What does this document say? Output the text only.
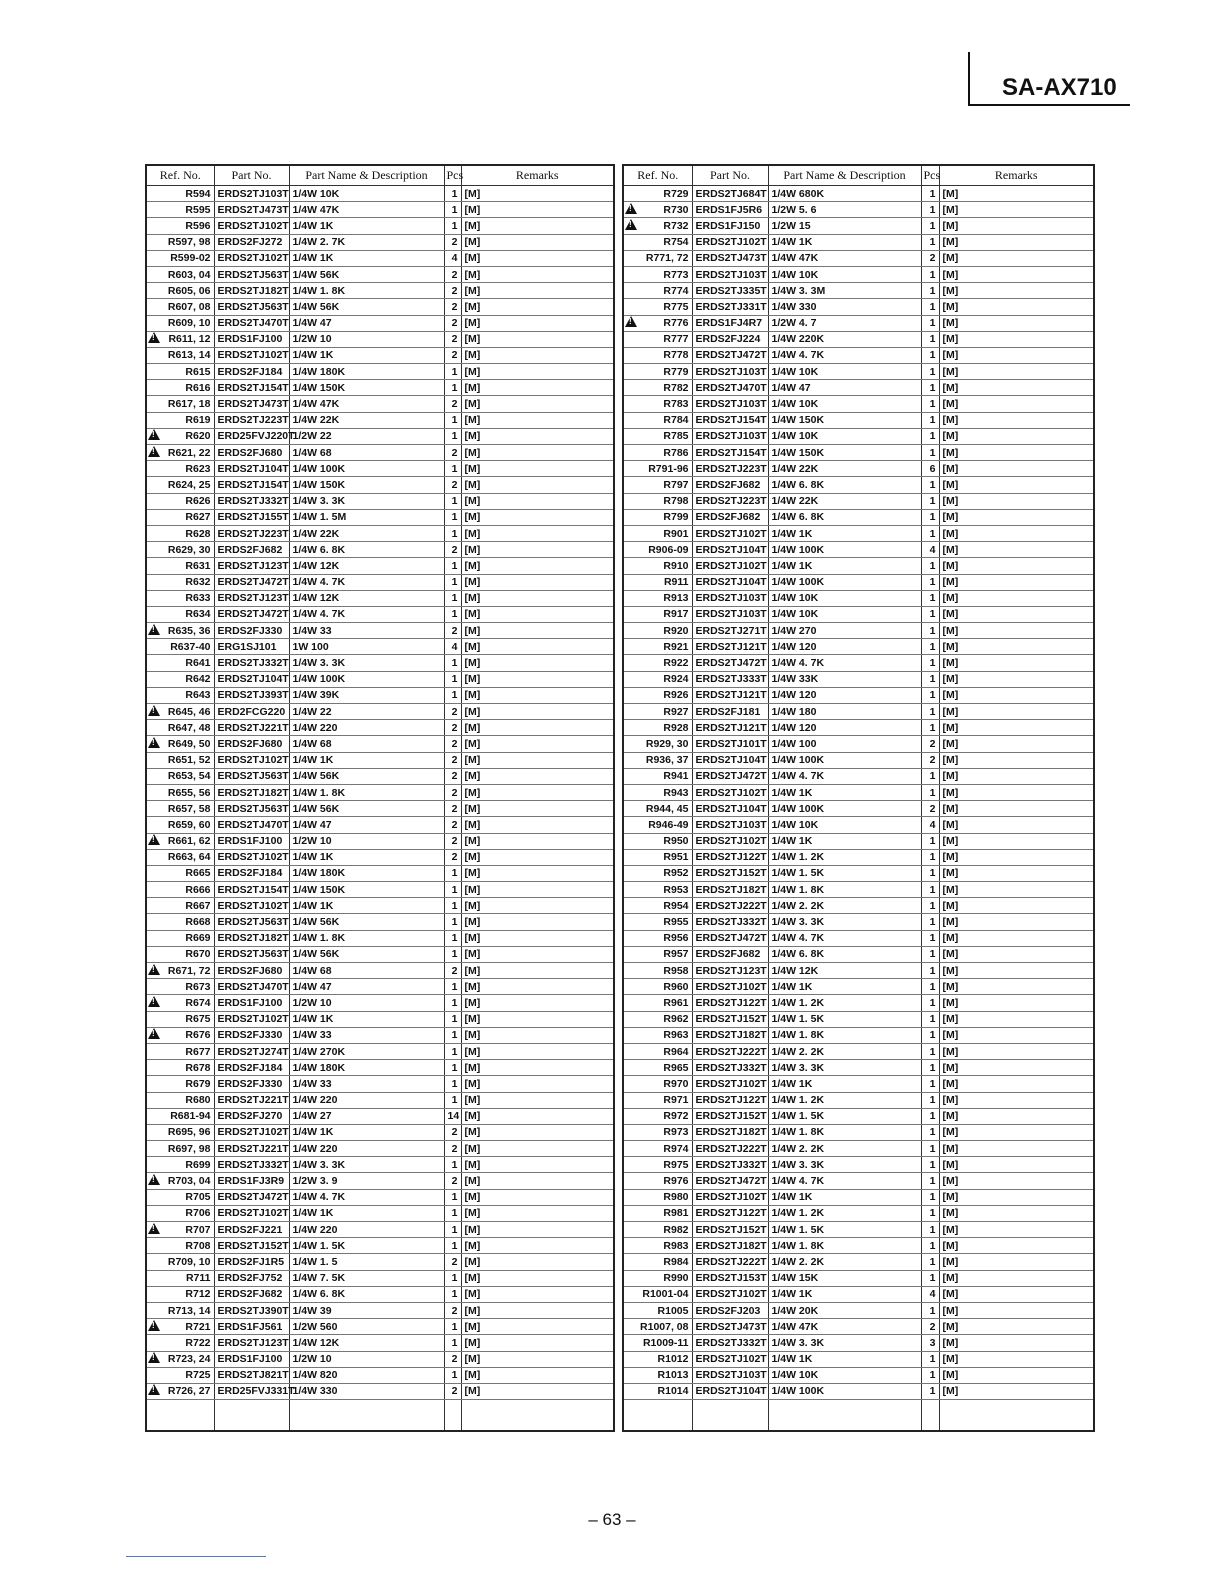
SA-AX710
Ref. No.	Part No.	Part Name & Description	Pcs	Remarks
R594	ERDS2TJ103T	1/4W 10K	1	[M]
R595	ERDS2TJ473T	1/4W 47K	1	[M]
R596	ERDS2TJ102T	1/4W 1K	1	[M]
R597, 98	ERDS2FJ272	1/4W 2. 7K	2	[M]
R599-02	ERDS2TJ102T	1/4W 1K	4	[M]
R603, 04	ERDS2TJ563T	1/4W 56K	2	[M]
R605, 06	ERDS2TJ182T	1/4W 1. 8K	2	[M]
R607, 08	ERDS2TJ563T	1/4W 56K	2	[M]
R609, 10	ERDS2TJ470T	1/4W 47	2	[M]

!
R611, 12	ERDS1FJ100	1/2W 10	2	[M]
R613, 14	ERDS2TJ102T	1/4W 1K	2	[M]
R615	ERDS2FJ184	1/4W 180K	1	[M]
R616	ERDS2TJ154T	1/4W 150K	1	[M]
R617, 18	ERDS2TJ473T	1/4W 47K	2	[M]
R619	ERDS2TJ223T	1/4W 22K	1	[M]

!
R620	ERD25FVJ220T	1/2W 22	1	[M]

!
R621, 22	ERDS2FJ680	1/4W 68	2	[M]
R623	ERDS2TJ104T	1/4W 100K	1	[M]
R624, 25	ERDS2TJ154T	1/4W 150K	2	[M]
R626	ERDS2TJ332T	1/4W 3. 3K	1	[M]
R627	ERDS2TJ155T	1/4W 1. 5M	1	[M]
R628	ERDS2TJ223T	1/4W 22K	1	[M]
R629, 30	ERDS2FJ682	1/4W 6. 8K	2	[M]
R631	ERDS2TJ123T	1/4W 12K	1	[M]
R632	ERDS2TJ472T	1/4W 4. 7K	1	[M]
R633	ERDS2TJ123T	1/4W 12K	1	[M]
R634	ERDS2TJ472T	1/4W 4. 7K	1	[M]

!
R635, 36	ERDS2FJ330	1/4W 33	2	[M]
R637-40	ERG1SJ101	1W 100	4	[M]
R641	ERDS2TJ332T	1/4W 3. 3K	1	[M]
R642	ERDS2TJ104T	1/4W 100K	1	[M]
R643	ERDS2TJ393T	1/4W 39K	1	[M]

!
R645, 46	ERD2FCG220	1/4W 22	2	[M]
R647, 48	ERDS2TJ221T	1/4W 220	2	[M]

!
R649, 50	ERDS2FJ680	1/4W 68	2	[M]
R651, 52	ERDS2TJ102T	1/4W 1K	2	[M]
R653, 54	ERDS2TJ563T	1/4W 56K	2	[M]
R655, 56	ERDS2TJ182T	1/4W 1. 8K	2	[M]
R657, 58	ERDS2TJ563T	1/4W 56K	2	[M]
R659, 60	ERDS2TJ470T	1/4W 47	2	[M]

!
R661, 62	ERDS1FJ100	1/2W 10	2	[M]
R663, 64	ERDS2TJ102T	1/4W 1K	2	[M]
R665	ERDS2FJ184	1/4W 180K	1	[M]
R666	ERDS2TJ154T	1/4W 150K	1	[M]
R667	ERDS2TJ102T	1/4W 1K	1	[M]
R668	ERDS2TJ563T	1/4W 56K	1	[M]
R669	ERDS2TJ182T	1/4W 1. 8K	1	[M]
R670	ERDS2TJ563T	1/4W 56K	1	[M]

!
R671, 72	ERDS2FJ680	1/4W 68	2	[M]
R673	ERDS2TJ470T	1/4W 47	1	[M]

!
R674	ERDS1FJ100	1/2W 10	1	[M]
R675	ERDS2TJ102T	1/4W 1K	1	[M]

!
R676	ERDS2FJ330	1/4W 33	1	[M]
R677	ERDS2TJ274T	1/4W 270K	1	[M]
R678	ERDS2FJ184	1/4W 180K	1	[M]
R679	ERDS2FJ330	1/4W 33	1	[M]
R680	ERDS2TJ221T	1/4W 220	1	[M]
R681-94	ERDS2FJ270	1/4W 27	14	[M]
R695, 96	ERDS2TJ102T	1/4W 1K	2	[M]
R697, 98	ERDS2TJ221T	1/4W 220	2	[M]
R699	ERDS2TJ332T	1/4W 3. 3K	1	[M]

!
R703, 04	ERDS1FJ3R9	1/2W 3. 9	2	[M]
R705	ERDS2TJ472T	1/4W 4. 7K	1	[M]
R706	ERDS2TJ102T	1/4W 1K	1	[M]

!
R707	ERDS2FJ221	1/4W 220	1	[M]
R708	ERDS2TJ152T	1/4W 1. 5K	1	[M]
R709, 10	ERDS2FJ1R5	1/4W 1. 5	2	[M]
R711	ERDS2FJ752	1/4W 7. 5K	1	[M]
R712	ERDS2FJ682	1/4W 6. 8K	1	[M]
R713, 14	ERDS2TJ390T	1/4W 39	2	[M]

!
R721	ERDS1FJ561	1/2W 560	1	[M]
R722	ERDS2TJ123T	1/4W 12K	1	[M]

!
R723, 24	ERDS1FJ100	1/2W 10	2	[M]
R725	ERDS2TJ821T	1/4W 820	1	[M]

!
R726, 27	ERD25FVJ331T	1/4W 330	2	[M]

Ref. No.	Part No.	Part Name & Description	Pcs	Remarks
R729	ERDS2TJ684T	1/4W 680K	1	[M]

!
R730	ERDS1FJ5R6	1/2W 5. 6	1	[M]

!
R732	ERDS1FJ150	1/2W 15	1	[M]
R754	ERDS2TJ102T	1/4W 1K	1	[M]
R771, 72	ERDS2TJ473T	1/4W 47K	2	[M]
R773	ERDS2TJ103T	1/4W 10K	1	[M]
R774	ERDS2TJ335T	1/4W 3. 3M	1	[M]
R775	ERDS2TJ331T	1/4W 330	1	[M]

!
R776	ERDS1FJ4R7	1/2W 4. 7	1	[M]
R777	ERDS2FJ224	1/4W 220K	1	[M]
R778	ERDS2TJ472T	1/4W 4. 7K	1	[M]
R779	ERDS2TJ103T	1/4W 10K	1	[M]
R782	ERDS2TJ470T	1/4W 47	1	[M]
R783	ERDS2TJ103T	1/4W 10K	1	[M]
R784	ERDS2TJ154T	1/4W 150K	1	[M]
R785	ERDS2TJ103T	1/4W 10K	1	[M]
R786	ERDS2TJ154T	1/4W 150K	1	[M]
R791-96	ERDS2TJ223T	1/4W 22K	6	[M]
R797	ERDS2FJ682	1/4W 6. 8K	1	[M]
R798	ERDS2TJ223T	1/4W 22K	1	[M]
R799	ERDS2FJ682	1/4W 6. 8K	1	[M]
R901	ERDS2TJ102T	1/4W 1K	1	[M]
R906-09	ERDS2TJ104T	1/4W 100K	4	[M]
R910	ERDS2TJ102T	1/4W 1K	1	[M]
R911	ERDS2TJ104T	1/4W 100K	1	[M]
R913	ERDS2TJ103T	1/4W 10K	1	[M]
R917	ERDS2TJ103T	1/4W 10K	1	[M]
R920	ERDS2TJ271T	1/4W 270	1	[M]
R921	ERDS2TJ121T	1/4W 120	1	[M]
R922	ERDS2TJ472T	1/4W 4. 7K	1	[M]
R924	ERDS2TJ333T	1/4W 33K	1	[M]
R926	ERDS2TJ121T	1/4W 120	1	[M]
R927	ERDS2FJ181	1/4W 180	1	[M]
R928	ERDS2TJ121T	1/4W 120	1	[M]
R929, 30	ERDS2TJ101T	1/4W 100	2	[M]
R936, 37	ERDS2TJ104T	1/4W 100K	2	[M]
R941	ERDS2TJ472T	1/4W 4. 7K	1	[M]
R943	ERDS2TJ102T	1/4W 1K	1	[M]
R944, 45	ERDS2TJ104T	1/4W 100K	2	[M]
R946-49	ERDS2TJ103T	1/4W 10K	4	[M]
R950	ERDS2TJ102T	1/4W 1K	1	[M]
R951	ERDS2TJ122T	1/4W 1. 2K	1	[M]
R952	ERDS2TJ152T	1/4W 1. 5K	1	[M]
R953	ERDS2TJ182T	1/4W 1. 8K	1	[M]
R954	ERDS2TJ222T	1/4W 2. 2K	1	[M]
R955	ERDS2TJ332T	1/4W 3. 3K	1	[M]
R956	ERDS2TJ472T	1/4W 4. 7K	1	[M]
R957	ERDS2FJ682	1/4W 6. 8K	1	[M]
R958	ERDS2TJ123T	1/4W 12K	1	[M]
R960	ERDS2TJ102T	1/4W 1K	1	[M]
R961	ERDS2TJ122T	1/4W 1. 2K	1	[M]
R962	ERDS2TJ152T	1/4W 1. 5K	1	[M]
R963	ERDS2TJ182T	1/4W 1. 8K	1	[M]
R964	ERDS2TJ222T	1/4W 2. 2K	1	[M]
R965	ERDS2TJ332T	1/4W 3. 3K	1	[M]
R970	ERDS2TJ102T	1/4W 1K	1	[M]
R971	ERDS2TJ122T	1/4W 1. 2K	1	[M]
R972	ERDS2TJ152T	1/4W 1. 5K	1	[M]
R973	ERDS2TJ182T	1/4W 1. 8K	1	[M]
R974	ERDS2TJ222T	1/4W 2. 2K	1	[M]
R975	ERDS2TJ332T	1/4W 3. 3K	1	[M]
R976	ERDS2TJ472T	1/4W 4. 7K	1	[M]
R980	ERDS2TJ102T	1/4W 1K	1	[M]
R981	ERDS2TJ122T	1/4W 1. 2K	1	[M]
R982	ERDS2TJ152T	1/4W 1. 5K	1	[M]
R983	ERDS2TJ182T	1/4W 1. 8K	1	[M]
R984	ERDS2TJ222T	1/4W 2. 2K	1	[M]
R990	ERDS2TJ153T	1/4W 15K	1	[M]
R1001-04	ERDS2TJ102T	1/4W 1K	4	[M]
R1005	ERDS2FJ203	1/4W 20K	1	[M]
R1007, 08	ERDS2TJ473T	1/4W 47K	2	[M]
R1009-11	ERDS2TJ332T	1/4W 3. 3K	3	[M]
R1012	ERDS2TJ102T	1/4W 1K	1	[M]
R1013	ERDS2TJ103T	1/4W 10K	1	[M]
R1014	ERDS2TJ104T	1/4W 100K	1	[M]

– 63 –
